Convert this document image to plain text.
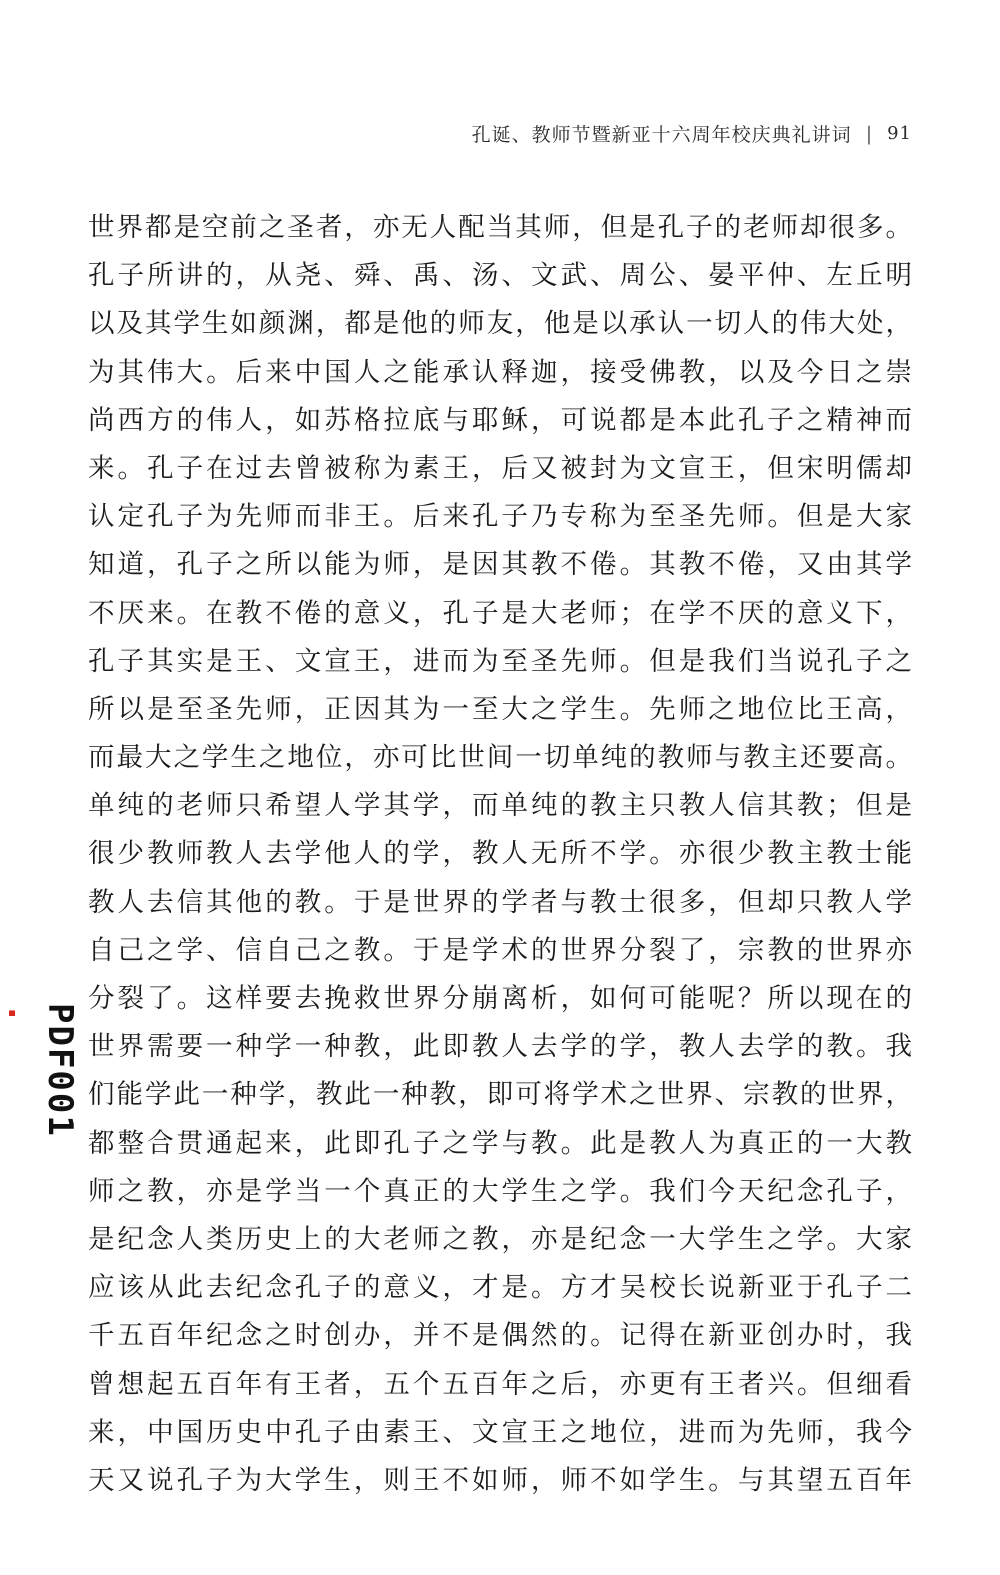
孔诞、教师节暨新亚十六周年校庆典礼讲词 | 91
世界都是空前之圣者，亦无人配当其师，但是孔子的老师却很多。
孔子所讲的，从尧、舜、禹、汤、文武、周公、晏平仲、左丘明
以及其学生如颜渊，都是他的师友，他是以承认一切人的伟大处，
为其伟大。后来中国人之能承认释迦，接受佛教，以及今日之崇
尚西方的伟人，如苏格拉底与耶稣，可说都是本此孔子之精神而
来。孔子在过去曾被称为素王，后又被封为文宣王，但宋明儒却
认定孔子为先师而非王。后来孔子乃专称为至圣先师。但是大家
知道，孔子之所以能为师，是因其教不倦。其教不倦，又由其学
不厌来。在教不倦的意义，孔子是大老师；在学不厌的意义下，
孔子其实是王、文宣王，进而为至圣先师。但是我们当说孔子之
所以是至圣先师，正因其为一至大之学生。先师之地位比王高，
而最大之学生之地位，亦可比世间一切单纯的教师与教主还要高。
单纯的老师只希望人学其学，而单纯的教主只教人信其教；但是
很少教师教人去学他人的学，教人无所不学。亦很少教主教士能
教人去信其他的教。于是世界的学者与教士很多，但却只教人学
自己之学、信自己之教。于是学术的世界分裂了，宗教的世界亦
分裂了。这样要去挽救世界分崩离析，如何可能呢？所以现在的
世界需要一种学一种教，此即教人去学的学，教人去学的教。我
们能学此一种学，教此一种教，即可将学术之世界、宗教的世界，
都整合贯通起来，此即孔子之学与教。此是教人为真正的一大教
师之教，亦是学当一个真正的大学生之学。我们今天纪念孔子，
是纪念人类历史上的大老师之教，亦是纪念一大学生之学。大家
应该从此去纪念孔子的意义，才是。方才吴校长说新亚于孔子二
千五百年纪念之时创办，并不是偶然的。记得在新亚创办时，我
曾想起五百年有王者，五个五百年之后，亦更有王者兴。但细看
来，中国历史中孔子由素王、文宣王之地位，进而为先师，我今
天又说孔子为大学生，则王不如师，师不如学生。与其望五百年
PDF001
.
